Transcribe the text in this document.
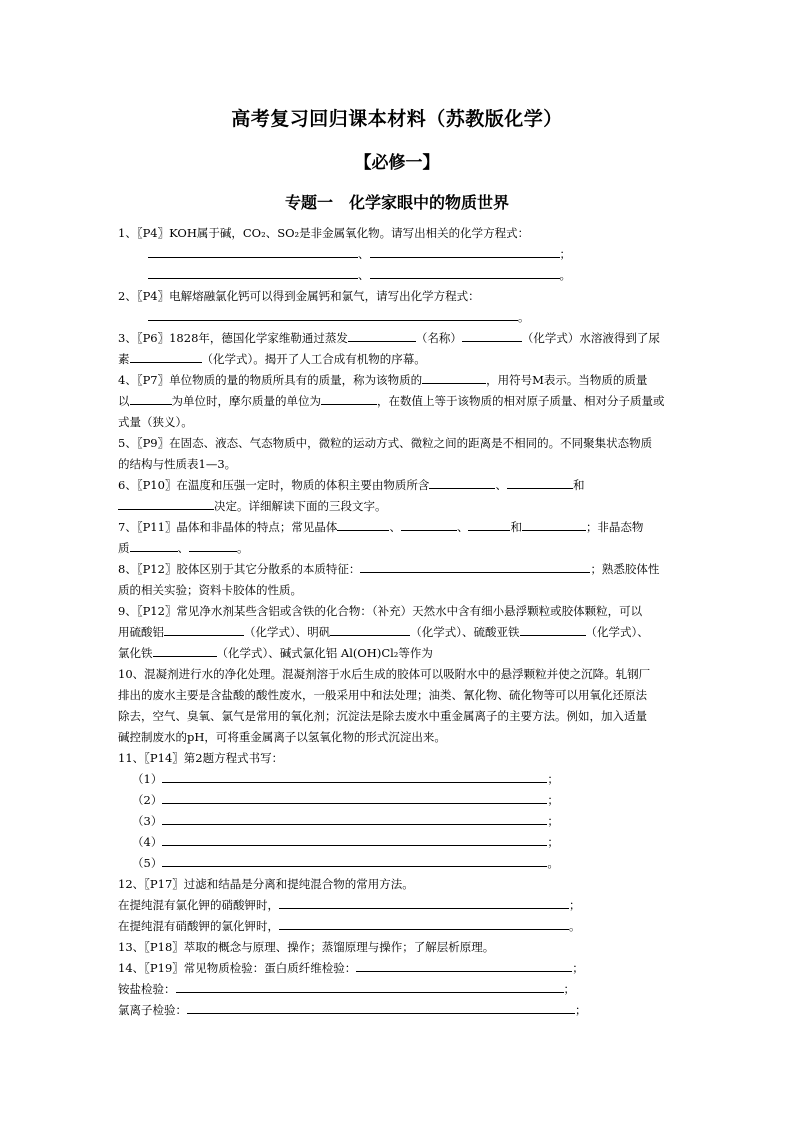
高考复习回归课本材料（苏教版化学）
【必修一】
专题一　化学家眼中的物质世界

1、〖P4〗KOH属于碱，CO₂、SO₂是非金属氧化物。请写出相关的化学方程式：

、	；

、	。

2、〖P4〗电解熔融氯化钙可以得到金属钙和氯气，请写出化学方程式：

。

3、〖P6〗1828年，德国化学家维勒通过蒸发	（名称）	（化学式）水溶液得到了尿

素	（化学式）。揭开了人工合成有机物的序幕。

4、〖P7〗单位物质的量的物质所具有的质量，称为该物质的	，用符号M表示。当物质的质量

以	为单位时，摩尔质量的单位为	，在数值上等于该物质的相对原子质量、相对分子质量或

式量（狭义）。

5、〖P9〗在固态、液态、气态物质中，微粒的运动方式、微粒之间的距离是不相同的。不同聚集状态物质

的结构与性质表1—3。

6、〖P10〗在温度和压强一定时，物质的体积主要由物质所含	、	和

决定。详细解读下面的三段文字。

7、〖P11〗晶体和非晶体的特点；常见晶体	、	、	和	；非晶态物

质	、	。

8、〖P12〗胶体区别于其它分散系的本质特征：	；熟悉胶体性

质的相关实验；资料卡胶体的性质。

9、〖P12〗常见净水剂某些含铝或含铁的化合物：（补充）天然水中含有细小悬浮颗粒或胶体颗粒，可以

用硫酸铝	（化学式）、明矾	（化学式）、硫酸亚铁	（化学式）、

氯化铁	（化学式）、碱式氯化铝 Al(OH)Cl₂等作为

10、混凝剂进行水的净化处理。混凝剂溶于水后生成的胶体可以吸附水中的悬浮颗粒并使之沉降。轧钢厂

排出的废水主要是含盐酸的酸性废水，一般采用中和法处理；油类、氰化物、硫化物等可以用氧化还原法

除去，空气、臭氧、氯气是常用的氧化剂；沉淀法是除去废水中重金属离子的主要方法。例如，加入适量

碱控制废水的pH，可将重金属离子以氢氧化物的形式沉淀出来。

11、〖P14〗第2题方程式书写：

（1）	；

（2）	；

（3）	；

（4）	；

（5）	。

12、〖P17〗过滤和结晶是分离和提纯混合物的常用方法。

在提纯混有氯化钾的硝酸钾时，	；

在提纯混有硝酸钾的氯化钾时，	。

13、〖P18〗萃取的概念与原理、操作；蒸馏原理与操作；了解层析原理。

14、〖P19〗常见物质检验：蛋白质纤维检验：	；

铵盐检验：	；

氯离子检验：	；
